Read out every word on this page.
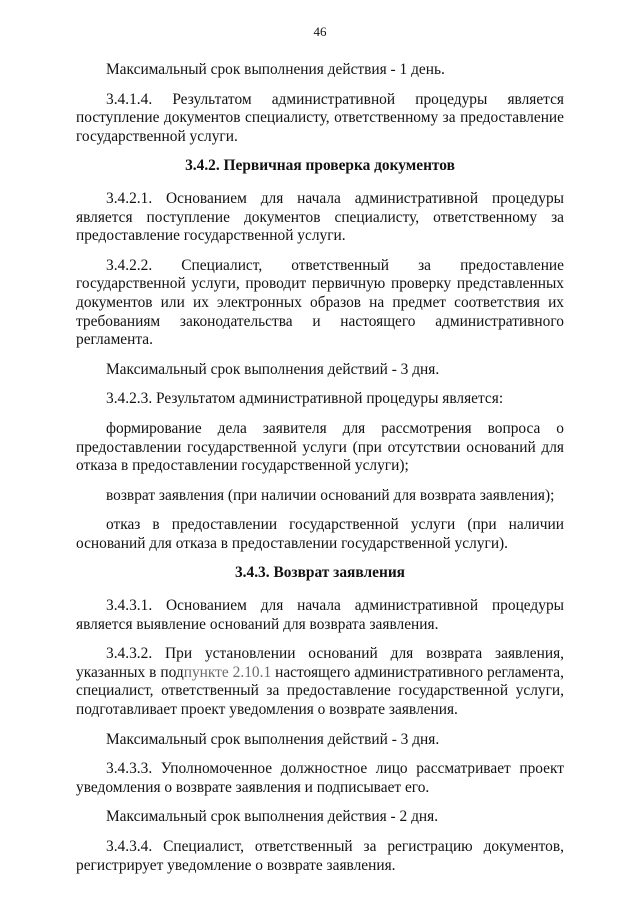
46

Максимальный срок выполнения действия - 1 день.

3.4.1.4. Результатом административной процедуры является поступление документов специалисту, ответственному за предоставление государственной услуги.

3.4.2. Первичная проверка документов

3.4.2.1. Основанием для начала административной процедуры является поступление документов специалисту, ответственному за предоставление государственной услуги.

3.4.2.2. Специалист, ответственный за предоставление государственной услуги, проводит первичную проверку представленных документов или их электронных образов на предмет соответствия их требованиям законодательства и настоящего административного регламента.

Максимальный срок выполнения действий - 3 дня.

3.4.2.3. Результатом административной процедуры является:

формирование дела заявителя для рассмотрения вопроса о предоставлении государственной услуги (при отсутствии оснований для отказа в предоставлении государственной услуги);

возврат заявления (при наличии оснований для возврата заявления);

отказ в предоставлении государственной услуги (при наличии оснований для отказа в предоставлении государственной услуги).

3.4.3. Возврат заявления

3.4.3.1. Основанием для начала административной процедуры является выявление оснований для возврата заявления.

3.4.3.2. При установлении оснований для возврата заявления, указанных в подпункте 2.10.1 настоящего административного регламента, специалист, ответственный за предоставление государственной услуги, подготавливает проект уведомления о возврате заявления.

Максимальный срок выполнения действий - 3 дня.

3.4.3.3. Уполномоченное должностное лицо рассматривает проект уведомления о возврате заявления и подписывает его.

Максимальный срок выполнения действия - 2 дня.

3.4.3.4. Специалист, ответственный за регистрацию документов, регистрирует уведомление о возврате заявления.
